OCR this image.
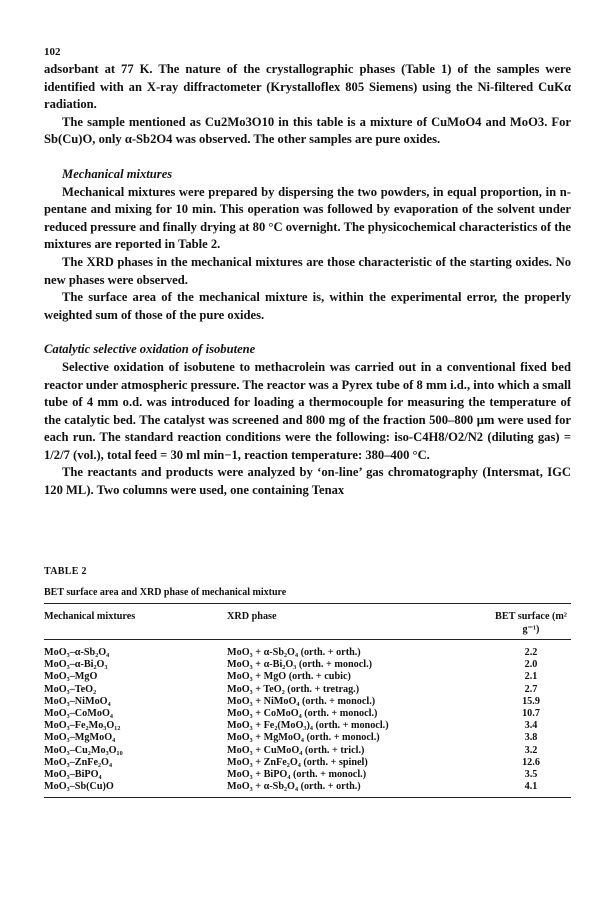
102

adsorbant at 77 K. The nature of the crystallographic phases (Table 1) of the samples were identified with an X-ray diffractometer (Krystalloflex 805 Siemens) using the Ni-filtered CuKα radiation.

The sample mentioned as Cu2Mo3O10 in this table is a mixture of CuMoO4 and MoO3. For Sb(Cu)O, only α-Sb2O4 was observed. The other samples are pure oxides.

Mechanical mixtures

Mechanical mixtures were prepared by dispersing the two powders, in equal proportion, in n-pentane and mixing for 10 min. This operation was followed by evaporation of the solvent under reduced pressure and finally drying at 80 °C overnight. The physicochemical characteristics of the mixtures are reported in Table 2.

The XRD phases in the mechanical mixtures are those characteristic of the starting oxides. No new phases were observed.

The surface area of the mechanical mixture is, within the experimental error, the properly weighted sum of those of the pure oxides.

Catalytic selective oxidation of isobutene

Selective oxidation of isobutene to methacrolein was carried out in a conventional fixed bed reactor under atmospheric pressure. The reactor was a Pyrex tube of 8 mm i.d., into which a small tube of 4 mm o.d. was introduced for loading a thermocouple for measuring the temperature of the catalytic bed. The catalyst was screened and 800 mg of the fraction 500–800 μm were used for each run. The standard reaction conditions were the following: iso-C4H8/O2/N2 (diluting gas) = 1/2/7 (vol.), total feed = 30 ml min−1, reaction temperature: 380–400 °C.

The reactants and products were analyzed by ‘on-line’ gas chromatography (Intersmat, IGC 120 ML). Two columns were used, one containing Tenax

TABLE 2
BET surface area and XRD phase of mechanical mixture
Mechanical mixtures	XRD phase	BET surface (m² g⁻¹)
MoO₃–α-Sb₂O₄	MoO₃ + α-Sb₂O₄ (orth. + orth.)	2.2
MoO₃–α-Bi₂O₃	MoO₃ + α-Bi₂O₃ (orth. + monocl.)	2.0
MoO₃–MgO	MoO₃ + MgO (orth. + cubic)	2.1
MoO₃–TeO₂	MoO₃ + TeO₂ (orth. + tretrag.)	2.7
MoO₃–NiMoO₄	MoO₃ + NiMoO₄ (orth. + monocl.)	15.9
MoO₃–CoMoO₄	MoO₃ + CoMoO₄ (orth. + monocl.)	10.7
MoO₃–Fe₂Mo₃O₁₂	MoO₃ + Fe₂(MoO₃)₄ (orth. + monocl.)	3.4
MoO₃–MgMoO₄	MoO₃ + MgMoO₄ (orth. + monocl.)	3.8
MoO₃–Cu₂Mo₃O₁₀	MoO₃ + CuMoO₄ (orth. + tricl.)	3.2
MoO₃–ZnFe₂O₄	MoO₃ + ZnFe₂O₄ (orth. + spinel)	12.6
MoO₃–BiPO₄	MoO₃ + BiPO₄ (orth. + monocl.)	3.5
MoO₃–Sb(Cu)O	MoO₃ + α-Sb₂O₄ (orth. + orth.)	4.1
